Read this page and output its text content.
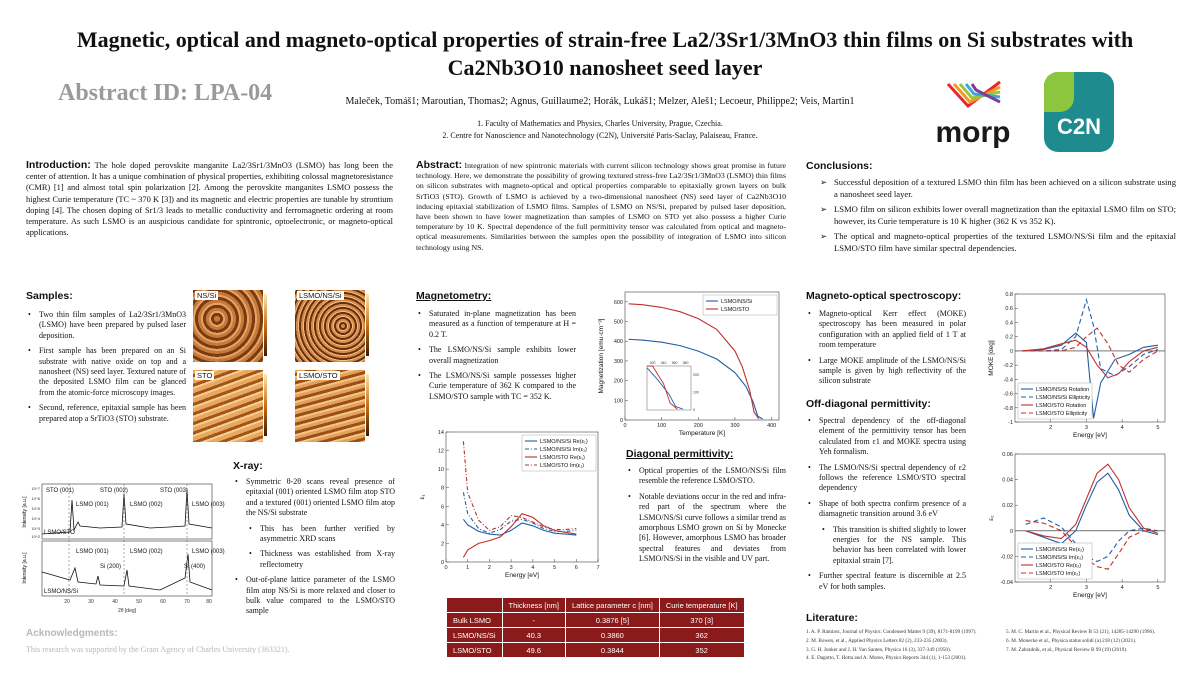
Magnetic, optical and magneto-optical properties of strain-free La2/3Sr1/3MnO3 thin films on Si substrates with
Ca2Nb3O10 nanosheet seed layer
Abstract ID: LPA-04	Maleček, Tomáš1; Maroutian, Thomas2; Agnus, Guillaume2; Horák, Lukáš1; Melzer, Aleš1; Lecoeur, Philippe2; Veis, Martin1
1. Faculty of Mathematics and Physics, Charles University, Prague, Czechia.
2. Centre for Nanoscience and Nanotechnology (C2N), Université Paris-Saclay, Palaiseau, France.	morp C2N
Introduction: The hole doped perovskite manganite La2/3Sr1/3MnO3 (LSMO) has long been the center of attention. It has a unique combination of physical properties, exhibiting colossal magnetoresistance (CMR) [1] and almost total spin polarization [2]. Among the perovskite manganites LSMO possess the highest Curie temperature (TC ~ 370 K [3]) and its magnetic and electric properties are tunable by strontium doping [4]. The chosen doping of Sr1/3 leads to metallic conductivity and ferromagnetic ordering at room temperature. As such LSMO is an auspicious candidate for spintronic, optoelectronic, or magneto-optical applications.
Abstract: Integration of new spintronic materials with current silicon technology shows great promise in future technology. Here, we demonstrate the possibility of growing textured stress-free La2/3Sr1/3MnO3 (LSMO) thin films on silicon substrates with magneto-optical and optical properties comparable to epitaxially grown layers on bulk SrTiO3 (STO). Growth of LSMO is achieved by a two-dimensional nanosheet (NS) seed layer of Ca2Nb3O10 inducing epitaxial stabilization of LSMO films. Samples of LSMO on NS/Si, prepared by pulsed laser deposition, have been shown to have lower magnetization than samples of LSMO on STO yet also possess a higher Curie temperature by 10 K. Spectral dependence of the full permittivity tensor was calculated from optical and magneto-optical measurements. Similarities between the samples open the possibility of integration of LSMO into silicon technology using NS.
Conclusions:
➢ Successful deposition of a textured LSMO thin film has been achieved on a silicon substrate using a nanosheet seed layer.
➢ LSMO film on silicon exhibits lower overall magnetization than the epitaxial LSMO film on STO; however, its Curie temperature is 10 K higher (362 K vs 352 K).
➢ The optical and magneto-optical properties of the textured LSMO/NS/Si film and the epitaxial LSMO/STO film have similar spectral dependencies.
Samples:
• Two thin film samples of La2/3Sr1/3MnO3 (LSMO) have been prepared by pulsed laser deposition.
• First sample has been prepared on an Si substrate with native oxide on top and a nanosheet (NS) seed layer. Textured nature of the deposited LSMO film can be glanced from the atomic-force microscopy images.
• Second, reference, epitaxial sample has been prepared atop a SrTiO3 (STO) substrate.
NS/Si	LSMO/NS/Si
STO	LSMO/STO
STO (001)	STO (002)	STO (003)
LSMO (001)	LSMO (002)	LSMO (003)
LSMO/STO
LSMO (001)	LSMO (002)	LSMO (003)
Si (200)	Si (400)
LSMO/NS/Si
20	30	40	50	60	70	80
2θ [deg]
10^7
10^6
10^5
10^4
10^3
10^2
Intensity [a.u.]
Intensity [a.u.]
X-ray:
• Symmetric θ-2θ scans reveal presence of epitaxial (001) oriented LSMO film atop STO and a textured (001) oriented LSMO film atop the NS/Si substrate
• This has been further verified by asymmetric XRD scans
• Thickness was established from X-ray reflectometry
• Out-of-plane lattice parameter of the LSMO film atop NS/Si is more relaxed and closer to bulk value compared to the LSMO/STO sample
Acknowledgments:
This research was supported by the Grant Agency of Charles University (363321).
Magnetometry:
• Saturated in-plane magnetization has been measured as a function of temperature at H = 0.2 T.
• The LSMO/NS/Si sample exhibits lower overall magnetization
• The LSMO/NS/Si sample possesses higher Curie temperature of 362 K compared to the LSMO/STO sample with TC = 352 K.
0	100	200	300	400
0
100
200
300
400
500
600
Temperature [K]
Magnetization [emu·cm⁻³]
LSMO/NS/Si
LSMO/STO
320 340 360 380
0
100
200
0	1	2	3	4	5	6	7
0
2
4
6
8
10
12
14
Energy [eV]
ε₁
LSMO/NS/Si Re(ε₁)
LSMO/NS/Si Im(ε₁)
LSMO/STO Re(ε₁)
LSMO/STO Im(ε₁)
Diagonal permittivity:
• Optical properties of the LSMO/NS/Si film resemble the reference LSMO/STO.
• Notable deviations occur in the red and infra-red part of the spectrum where the LSMO/NS/Si curve follows a similar trend as amorphous LSMO grown on Si by Monecke [6]. However, amorphous LSMO has broader spectral features and deviates from LSMO/NS/Si in the visible and UV part.
	Thickness [nm]	Lattice parameter c [nm]	Curie temperature [K]
Bulk LSMO	-	0.3876 [5]	370 [3]
LSMO/NS/Si	40.3	0.3860	362
LSMO/STO	49.6	0.3844	352
Magneto-optical spectroscopy:
• Magneto-optical Kerr effect (MOKE) spectroscopy has been measured in polar configuration with an applied field of 1 T at room temperature
• Large MOKE amplitude of the LSMO/NS/Si sample is given by high reflectivity of the silicon substrate
Off-diagonal permittivity:
• Spectral dependency of the off-diagonal element of the permittivity tensor has been calculated from ε1 and MOKE spectra using Yeh formalism.
• The LSMO/NS/Si spectral dependency of ε2 follows the reference LSMO/STO spectral dependency
• Shape of both spectra confirm presence of a diamagnetic transition around 3.6 eV
• This transition is shifted slightly to lower energies for the NS sample. This behavior has been correlated with lower epitaxial strain [7].
• Further spectral feature is discernible at 2.5 eV for both samples.
2	3	4	5
-1
-0.8
-0.6
-0.4
-0.2
0
0.2
0.4
0.6
0.8
Energy [eV]
MOKE [deg]
LSMO/NS/Si Rotation
LSMO/NS/Si Ellipticity
LSMO/STO Rotation
LSMO/STO Ellipticity
2	3	4	5
-0.04
-0.02
0
0.02
0.04
0.06
Energy [eV]
ε₂
LSMO/NS/Si Re(ε₂)
LSMO/NS/Si Im(ε₂)
LSMO/STO Re(ε₂)
LSMO/STO Im(ε₂)
Literature:
1. A. P. Ramirez, Journal of Physics: Condensed Matter 9 (39), 8171-8199 (1997).
2. M. Bowen, et al., Applied Physics Letters 82 (2), 233-235 (2003).
3. G. H. Jonker and J. H. Van Santen, Physica 16 (3), 337-349 (1950).
4. E. Dagotto, T. Hotta and A. Moreo, Physics Reports 344 (1), 1-153 (2001).
5. M. C. Martin et al., Physical Review B 53 (21), 14285-14290 (1996).
6. M. Monecke et al., Physica status solidi (a) 218 (12) (2021).
7. M. Zahradník, et al., Physical Review B 99 (19) (2019).
